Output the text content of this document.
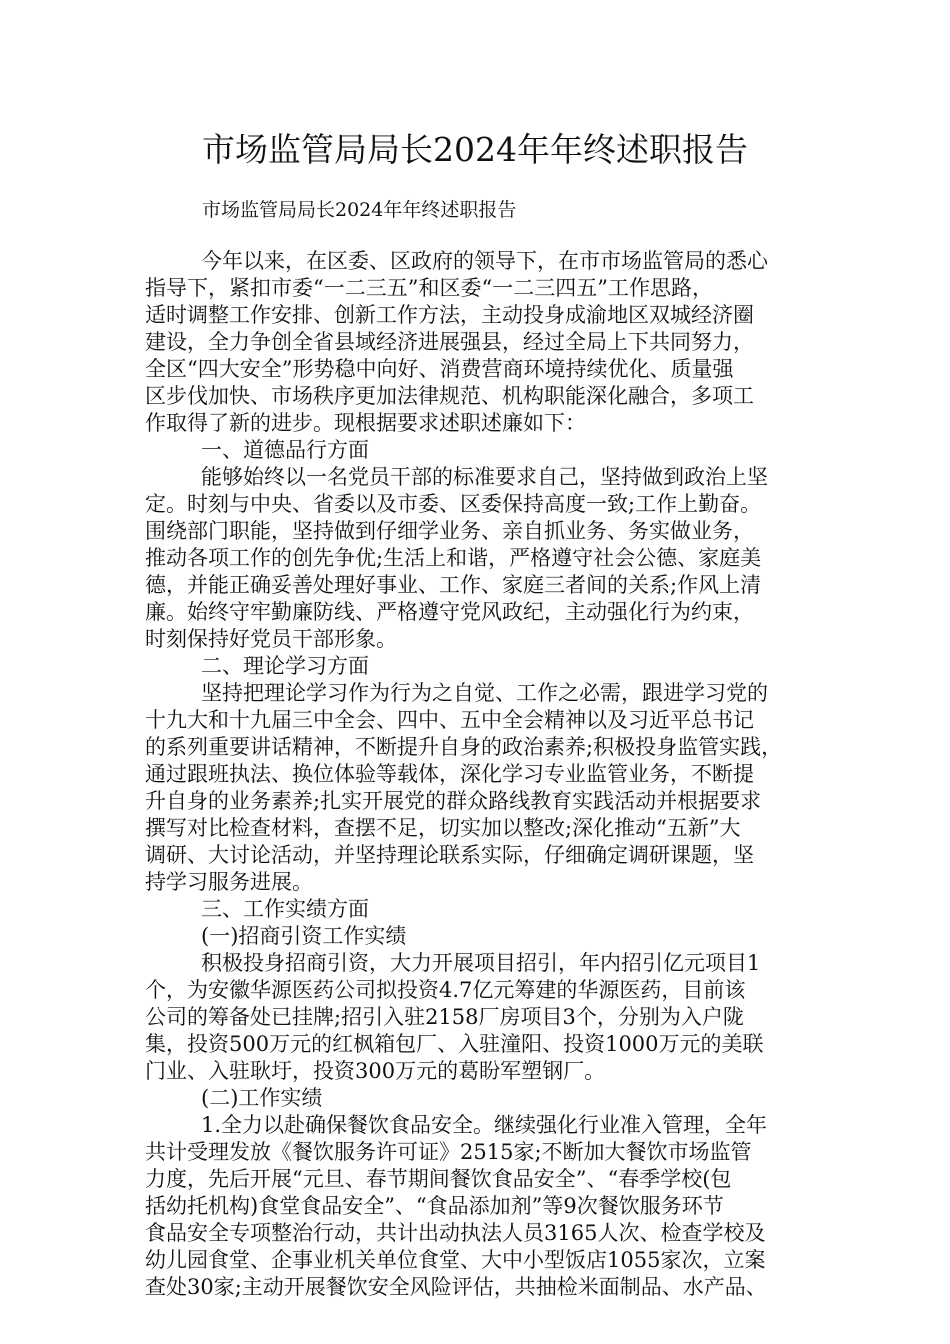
市场监管局局长2024年年终述职报告

市场监管局局长2024年年终述职报告

今年以来，在区委、区政府的领导下，在市市场监管局的悉心
指导下，紧扣市委“一二三五”和区委“一二三四五”工作思路，
适时调整工作安排、创新工作方法，主动投身成渝地区双城经济圈
建设，全力争创全省县域经济进展强县，经过全局上下共同努力，
全区“四大安全”形势稳中向好、消费营商环境持续优化、质量强
区步伐加快、市场秩序更加法律规范、机构职能深化融合，多项工
作取得了新的进步。现根据要求述职述廉如下：
一、道德品行方面
能够始终以一名党员干部的标准要求自己，坚持做到政治上坚
定。时刻与中央、省委以及市委、区委保持高度一致;工作上勤奋。
围绕部门职能，坚持做到仔细学业务、亲自抓业务、务实做业务，
推动各项工作的创先争优;生活上和谐，严格遵守社会公德、家庭美
德，并能正确妥善处理好事业、工作、家庭三者间的关系;作风上清
廉。始终守牢勤廉防线、严格遵守党风政纪，主动强化行为约束，
时刻保持好党员干部形象。
二、理论学习方面
坚持把理论学习作为行为之自觉、工作之必需，跟进学习党的
十九大和十九届三中全会、四中、五中全会精神以及习近平总书记
的系列重要讲话精神，不断提升自身的政治素养;积极投身监管实践，
通过跟班执法、换位体验等载体，深化学习专业监管业务，不断提
升自身的业务素养;扎实开展党的群众路线教育实践活动并根据要求
撰写对比检查材料，查摆不足，切实加以整改;深化推动“五新”大
调研、大讨论活动，并坚持理论联系实际，仔细确定调研课题，坚
持学习服务进展。
三、工作实绩方面
(一)招商引资工作实绩
积极投身招商引资，大力开展项目招引，年内招引亿元项目1
个，为安徽华源医药公司拟投资4.7亿元筹建的华源医药，目前该
公司的筹备处已挂牌;招引入驻2158厂房项目3个，分别为入户陇
集，投资500万元的红枫箱包厂、入驻潼阳、投资1000万元的美联
门业、入驻耿圩，投资300万元的葛盼军塑钢厂。
(二)工作实绩
1.全力以赴确保餐饮食品安全。继续强化行业准入管理，全年
共计受理发放《餐饮服务许可证》2515家;不断加大餐饮市场监管
力度，先后开展“元旦、春节期间餐饮食品安全”、“春季学校(包
括幼托机构)食堂食品安全”、“食品添加剂”等9次餐饮服务环节
食品安全专项整治行动，共计出动执法人员3165人次、检查学校及
幼儿园食堂、企事业机关单位食堂、大中小型饭店1055家次，立案
查处30家;主动开展餐饮安全风险评估，共抽检米面制品、水产品、
